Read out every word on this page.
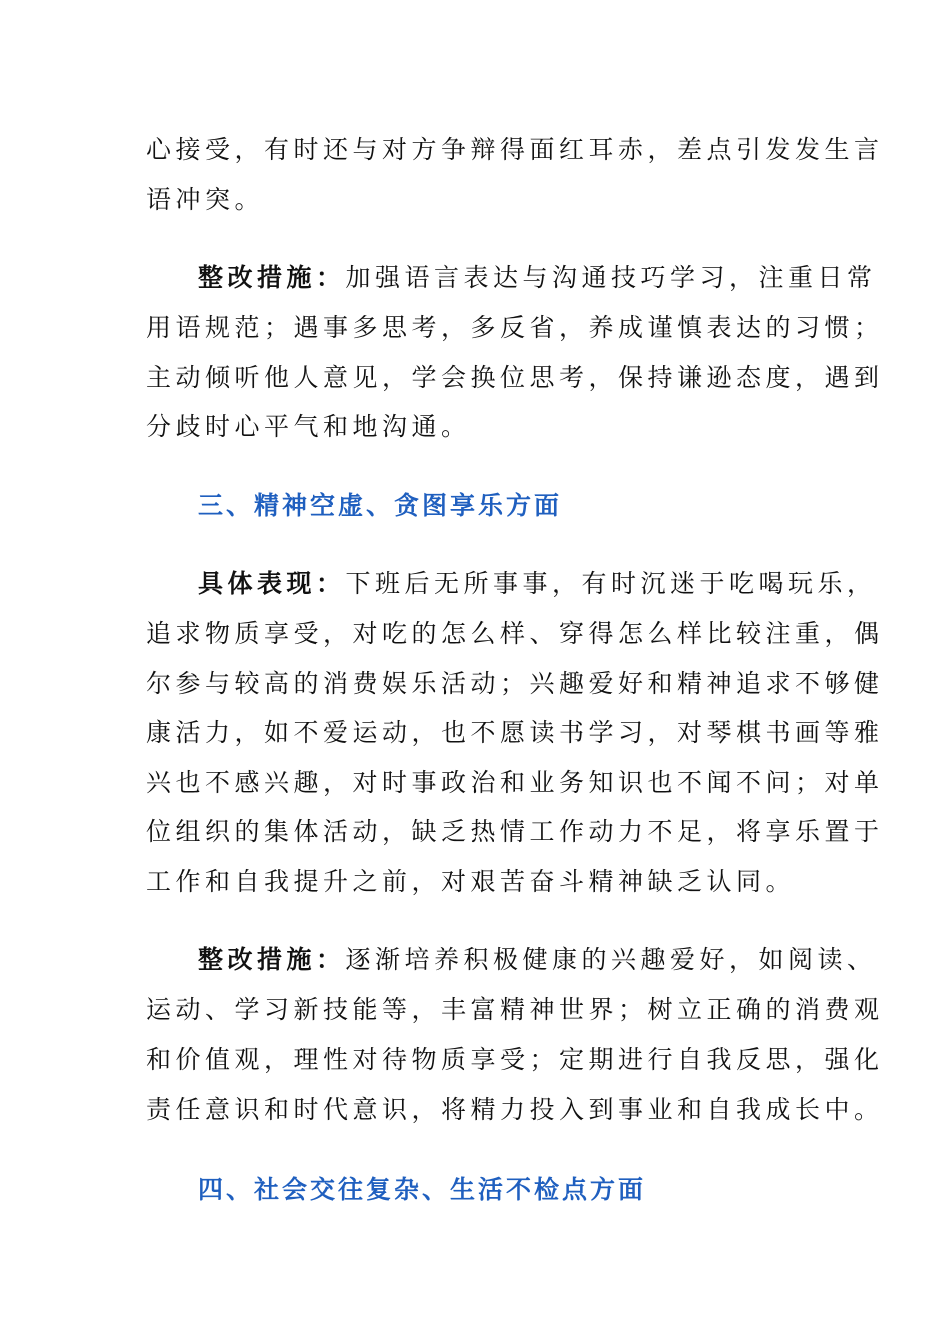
心接受，有时还与对方争辩得面红耳赤，差点引发发生言
语冲突。
整改措施：加强语言表达与沟通技巧学习，注重日常
用语规范；遇事多思考，多反省，养成谨慎表达的习惯；
主动倾听他人意见，学会换位思考，保持谦逊态度，遇到
分歧时心平气和地沟通。
三、精神空虚、贪图享乐方面
具体表现：下班后无所事事，有时沉迷于吃喝玩乐，
追求物质享受，对吃的怎么样、穿得怎么样比较注重，偶
尔参与较高的消费娱乐活动；兴趣爱好和精神追求不够健
康活力，如不爱运动，也不愿读书学习，对琴棋书画等雅
兴也不感兴趣，对时事政治和业务知识也不闻不问；对单
位组织的集体活动，缺乏热情工作动力不足，将享乐置于
工作和自我提升之前，对艰苦奋斗精神缺乏认同。
整改措施：逐渐培养积极健康的兴趣爱好，如阅读、
运动、学习新技能等，丰富精神世界；树立正确的消费观
和价值观，理性对待物质享受；定期进行自我反思，强化
责任意识和时代意识，将精力投入到事业和自我成长中。
四、社会交往复杂、生活不检点方面
